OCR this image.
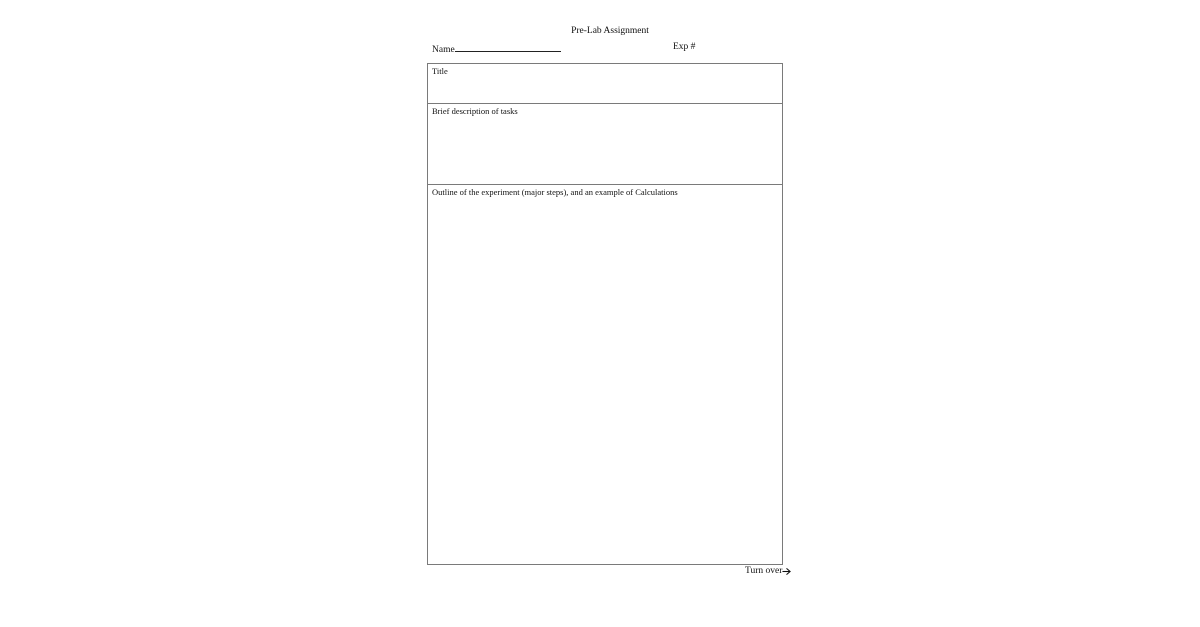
Pre-Lab Assignment
Name	Exp #
Title
Brief description of tasks
Outline of the experiment (major steps), and an example of Calculations
Turn over
